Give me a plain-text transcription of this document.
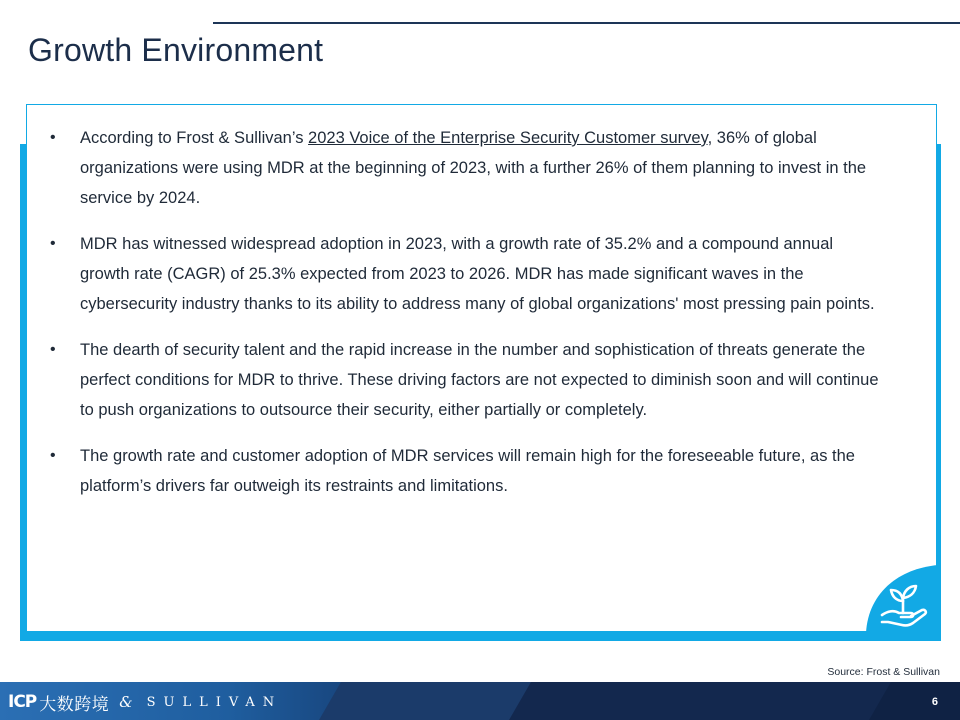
Growth Environment
• According to Frost & Sullivan’s 2023 Voice of the Enterprise Security Customer survey, 36% of global organizations were using MDR at the beginning of 2023, with a further 26% of them planning to invest in the service by 2024.
• MDR has witnessed widespread adoption in 2023, with a growth rate of 35.2% and a compound annual growth rate (CAGR) of 25.3% expected from 2023 to 2026. MDR has made significant waves in the cybersecurity industry thanks to its ability to address many of global organizations' most pressing pain points.
• The dearth of security talent and the rapid increase in the number and sophistication of threats generate the perfect conditions for MDR to thrive. These driving factors are not expected to diminish soon and will continue to push organizations to outsource their security, either partially or completely.
• The growth rate and customer adoption of MDR services will remain high for the foreseeable future, as the platform’s drivers far outweigh its restraints and limitations.
Source: Frost & Sullivan
ICP 大数跨境 & SULLIVAN	6
